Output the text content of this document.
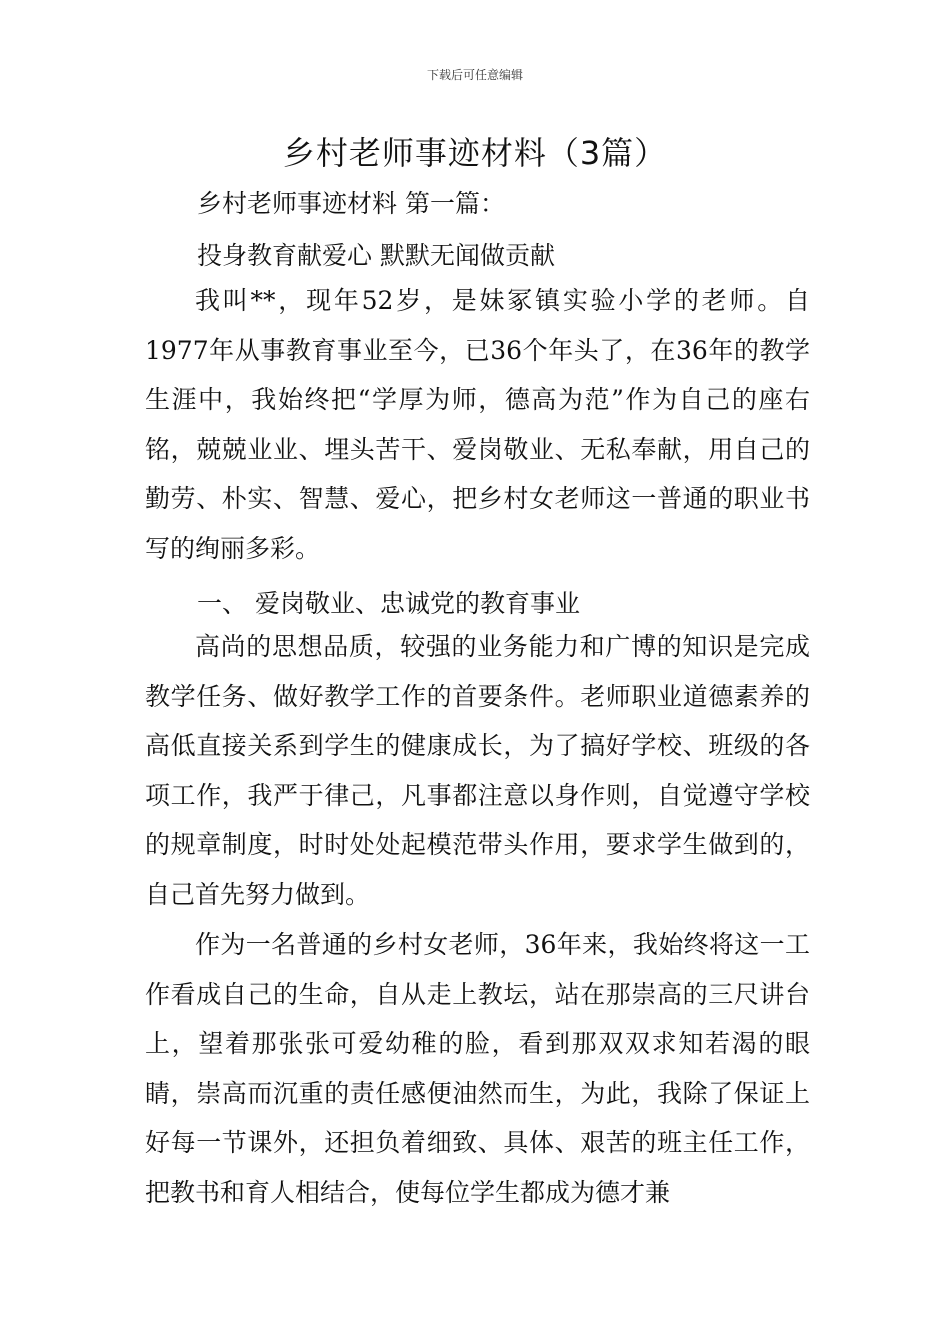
下载后可任意编辑
乡村老师事迹材料（3篇）
乡村老师事迹材料 第一篇：
投身教育献爱心 默默无闻做贡献

我叫**，现年52岁，是妹冢镇实验小学的老师。自1977年从事教育事业至今，已36个年头了，在36年的教学生涯中，我始终把“学厚为师，德高为范”作为自己的座右铭，兢兢业业、埋头苦干、爱岗敬业、无私奉献，用自己的勤劳、朴实、智慧、爱心，把乡村女老师这一普通的职业书写的绚丽多彩。

一、 爱岗敬业、忠诚党的教育事业

高尚的思想品质，较强的业务能力和广博的知识是完成教学任务、做好教学工作的首要条件。老师职业道德素养的高低直接关系到学生的健康成长，为了搞好学校、班级的各项工作，我严于律己，凡事都注意以身作则，自觉遵守学校的规章制度，时时处处起模范带头作用，要求学生做到的，自己首先努力做到。

作为一名普通的乡村女老师，36年来，我始终将这一工作看成自己的生命，自从走上教坛，站在那崇高的三尺讲台上，望着那张张可爱幼稚的脸，看到那双双求知若渴的眼睛，崇高而沉重的责任感便油然而生，为此，我除了保证上好每一节课外，还担负着细致、具体、艰苦的班主任工作，把教书和育人相结合，使每位学生都成为德才兼
